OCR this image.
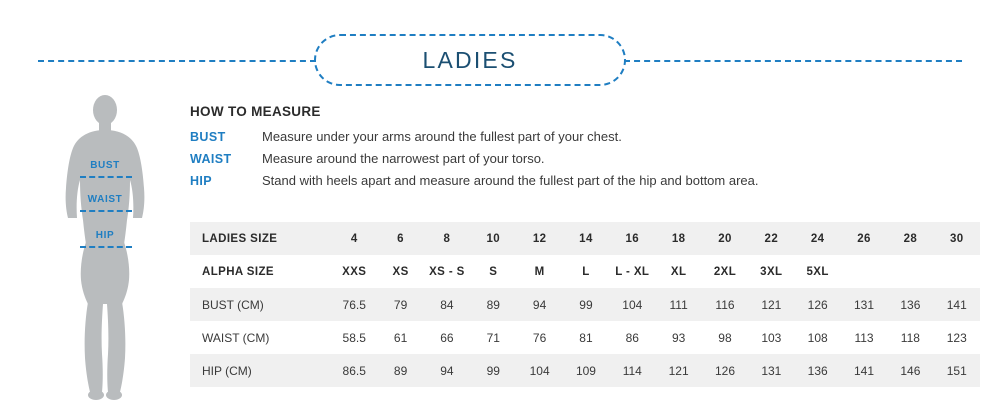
LADIES
BUST
WAIST
HIP
HOW TO MEASURE
BUST	Measure under your arms around the fullest part of your chest.
WAIST	Measure around the narrowest part of your torso.
HIP	Stand with heels apart and measure around the fullest part of the hip and bottom area.
LADIES SIZE	4	6	8	10	12	14	16	18	20	22	24	26	28	30
ALPHA SIZE	XXS	XS	XS - S	S	M	L	L - XL	XL	2XL	3XL	5XL			
BUST (CM)	76.5	79	84	89	94	99	104	111	116	121	126	131	136	141
WAIST (CM)	58.5	61	66	71	76	81	86	93	98	103	108	113	118	123
HIP (CM)	86.5	89	94	99	104	109	114	121	126	131	136	141	146	151
